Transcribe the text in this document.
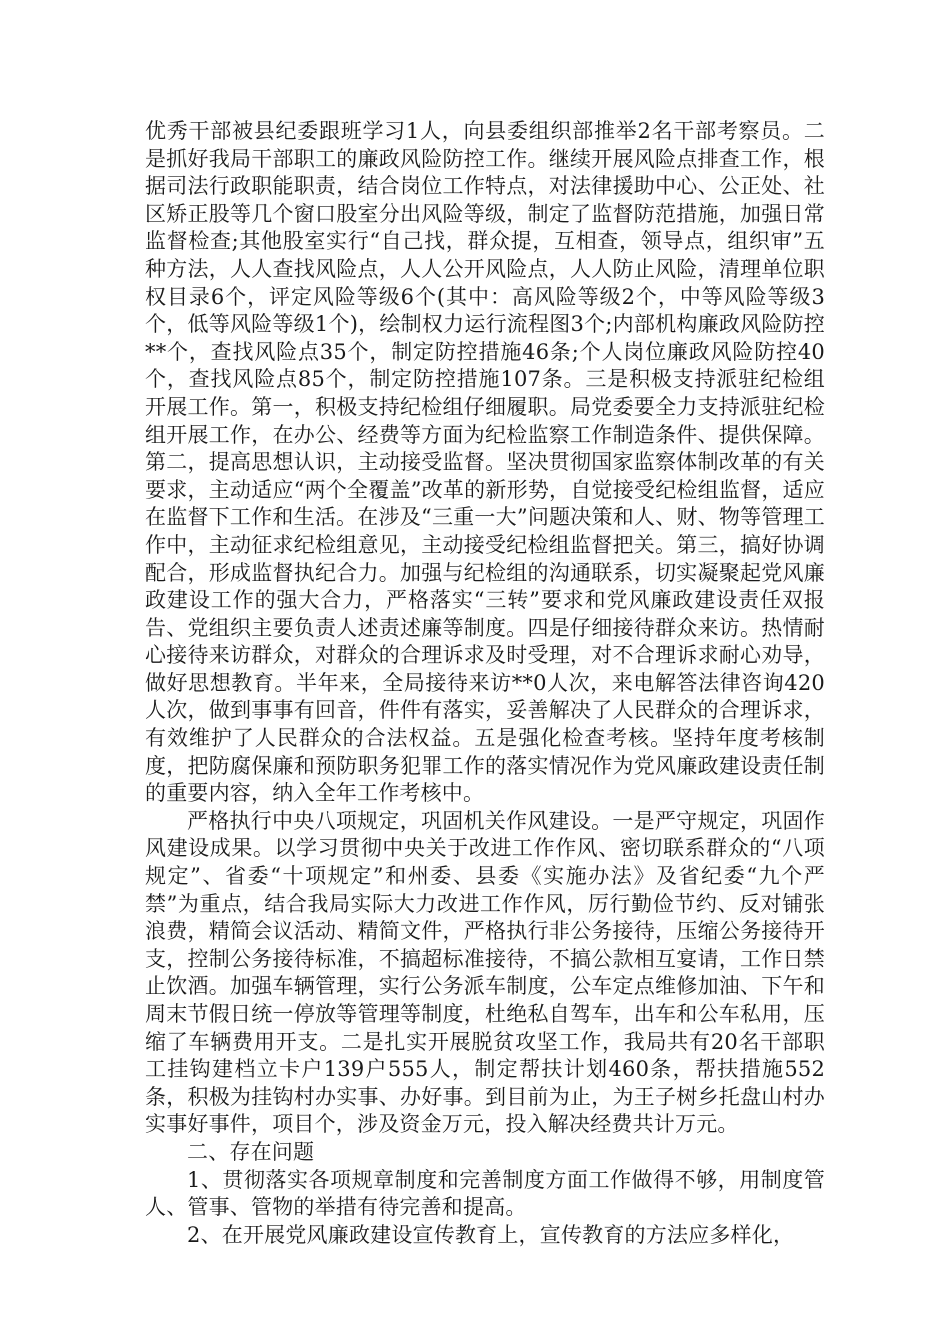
优秀干部被县纪委跟班学习1人，向县委组织部推举2名干部考察员。二是抓好我局干部职工的廉政风险防控工作。继续开展风险点排查工作，根据司法行政职能职责，结合岗位工作特点，对法律援助中心、公正处、社区矫正股等几个窗口股室分出风险等级，制定了监督防范措施，加强日常监督检查;其他股室实行“自己找，群众提，互相查，领导点，组织审”五种方法，人人查找风险点，人人公开风险点，人人防止风险，清理单位职权目录6个，评定风险等级6个(其中：高风险等级2个，中等风险等级3个，低等风险等级1个)，绘制权力运行流程图3个;内部机构廉政风险防控**个，查找风险点35个，制定防控措施46条;个人岗位廉政风险防控40个，查找风险点85个，制定防控措施107条。三是积极支持派驻纪检组开展工作。第一，积极支持纪检组仔细履职。局党委要全力支持派驻纪检组开展工作，在办公、经费等方面为纪检监察工作制造条件、提供保障。第二，提高思想认识，主动接受监督。坚决贯彻国家监察体制改革的有关要求，主动适应“两个全覆盖”改革的新形势，自觉接受纪检组监督，适应在监督下工作和生活。在涉及“三重一大”问题决策和人、财、物等管理工作中，主动征求纪检组意见，主动接受纪检组监督把关。第三，搞好协调配合，形成监督执纪合力。加强与纪检组的沟通联系，切实凝聚起党风廉政建设工作的强大合力，严格落实“三转”要求和党风廉政建设责任双报告、党组织主要负责人述责述廉等制度。四是仔细接待群众来访。热情耐心接待来访群众，对群众的合理诉求及时受理，对不合理诉求耐心劝导，做好思想教育。半年来，全局接待来访**0人次，来电解答法律咨询420人次，做到事事有回音，件件有落实，妥善解决了人民群众的合理诉求，有效维护了人民群众的合法权益。五是强化检查考核。坚持年度考核制度，把防腐保廉和预防职务犯罪工作的落实情况作为党风廉政建设责任制的重要内容，纳入全年工作考核中。

严格执行中央八项规定，巩固机关作风建设。一是严守规定，巩固作风建设成果。以学习贯彻中央关于改进工作作风、密切联系群众的“八项规定”、省委“十项规定”和州委、县委《实施办法》及省纪委“九个严禁”为重点，结合我局实际大力改进工作作风，厉行勤俭节约、反对铺张浪费，精简会议活动、精简文件，严格执行非公务接待，压缩公务接待开支，控制公务接待标准，不搞超标准接待，不搞公款相互宴请，工作日禁止饮酒。加强车辆管理，实行公务派车制度，公车定点维修加油、下午和周末节假日统一停放等管理等制度，杜绝私自驾车，出车和公车私用，压缩了车辆费用开支。二是扎实开展脱贫攻坚工作，我局共有20名干部职工挂钩建档立卡户139户555人，制定帮扶计划460条，帮扶措施552条，积极为挂钩村办实事、办好事。到目前为止，为王子树乡托盘山村办实事好事件，项目个，涉及资金万元，投入解决经费共计万元。

二、存在问题

1、贯彻落实各项规章制度和完善制度方面工作做得不够，用制度管人、管事、管物的举措有待完善和提高。

2、在开展党风廉政建设宣传教育上，宣传教育的方法应多样化，
